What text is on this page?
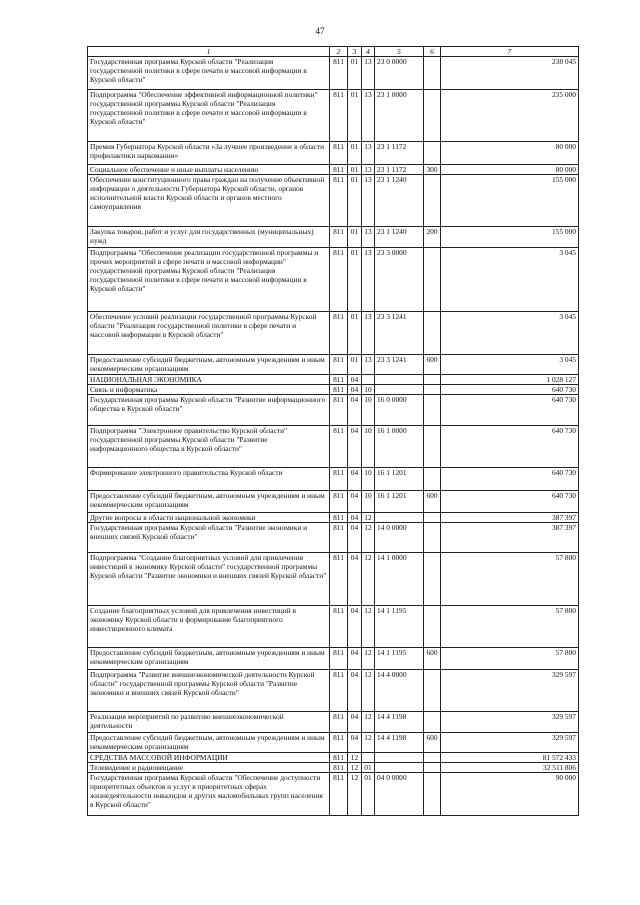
47
1	2	3	4	5	6	7
Государственная программа Курской области "Реализация государственной политики в сфере печати и массовой информации в Курской области"	811	01	13	23 0 0000		238 045
Подпрограмма "Обеспечение эффективной информационной политики" государственной программы Курской области "Реализация государственной политики в сфере печати и массовой информации в Курской области"	811	01	13	23 1 0000		235 000
Премия Губернатора Курской области «За лучшее произведение в области профилактики наркомании»	811	01	13	23 1 1172		80 000
Социальное обеспечение и иные выплаты населению	811	01	13	23 1 1172	300	80 000
Обеспечение конституционного права граждан на получение объективной информации о деятельности Губернатора Курской области, органов исполнительной власти Курской области и органов местного самоуправления	811	01	13	23 1 1240		155 000
Закупка товаров, работ и услуг для государственных (муниципальных) нужд	811	01	13	23 1 1240	200	155 000
Подпрограмма "Обеспечение реализации государственной программы и прочих мероприятий в сфере печати и массовой информации" государственной программы Курской области "Реализация государственной политики в сфере печати и массовой информации в Курской области"	811	01	13	23 3 0000		3 045
Обеспечение условий реализации государственной программы Курской области "Реализация государственной политики в сфере печати и массовой информации в Курской области"	811	01	13	23 3 1241		3 045
Предоставление субсидий бюджетным, автономным учреждениям и иным некоммерческим организациям	811	01	13	23 3 1241	600	3 045
НАЦИОНАЛЬНАЯ ЭКОНОМИКА	811	04				1 028 127
Связь и информатика	811	04	10			640 730
Государственная программа Курской области "Развитие информационного общества в Курской области"	811	04	10	16 0 0000		640 730
Подпрограмма "Электронное правительство Курской области" государственной программы Курской области "Развитие информационного общества в Курской области"	811	04	10	16 1 0000		640 730
Формирование электронного правительства Курской области	811	04	10	16 1 1201		640 730
Предоставление субсидий бюджетным, автономным учреждениям и иным некоммерческим организациям	811	04	10	16 1 1201	600	640 730
Другие вопросы в области национальной экономики	811	04	12			387 397
Государственная программа Курской области "Развитие экономики и внешних связей Курской области"	811	04	12	14 0 0000		387 397
Подпрограмма "Создание благоприятных условий для привлечения инвестиций в экономику Курской области" государственной программы Курской области "Развитие экономики и внешних связей Курской области"	811	04	12	14 1 0000		57 800
Создание благоприятных условий для привлечения инвестиций в экономику Курской области и формирование благоприятного инвестиционного климата	811	04	12	14 1 1195		57 800
Предоставление субсидий бюджетным, автономным учреждениям и иным некоммерческим организациям	811	04	12	14 1 1195	600	57 800
Подпрограмма "Развитие внешнеэкономической деятельности Курской области" государственной программы Курской области "Развитие экономики и внешних связей Курской области"	811	04	12	14 4 0000		329 597
Реализация мероприятий по развитию внешнеэкономической деятельности	811	04	12	14 4 1198		329 597
Предоставление субсидий бюджетным, автономным учреждениям и иным некоммерческим организациям	811	04	12	14 4 1198	600	329 597
СРЕДСТВА МАССОВОЙ ИНФОРМАЦИИ	811	12				81 572 433
Телевидение и радиовещание	811	12	01			32 511 806
Государственная программа Курской области "Обеспечение доступности приоритетных объектов и услуг в приоритетных сферах жизнедеятельности инвалидов и других маломобильных групп населения в Курской области"	811	12	01	04 0 0000		90 000
